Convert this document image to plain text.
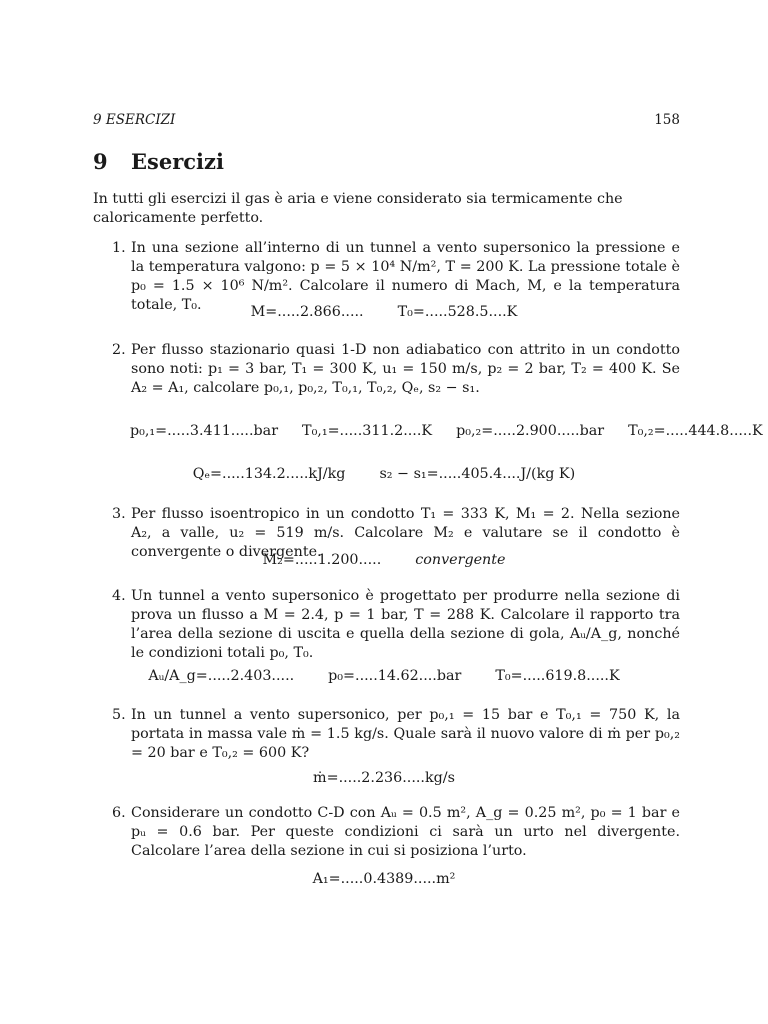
9 ESERCIZI	158
9 Esercizi
In tutti gli esercizi il gas è aria e viene considerato sia termicamente che caloricamente perfetto.
1. In una sezione all’interno di un tunnel a vento supersonico la pressione e la temperatura valgono: p = 5 × 10⁴ N/m², T = 200 K. La pressione totale è p₀ = 1.5 × 10⁶ N/m². Calcolare il numero di Mach, M, e la temperatura totale, T₀.	M=.....2.866..... T₀=.....528.5....K
2. Per flusso stazionario quasi 1-D non adiabatico con attrito in un condotto sono noti: p₁ = 3 bar, T₁ = 300 K, u₁ = 150 m/s, p₂ = 2 bar, T₂ = 400 K. Se A₂ = A₁, calcolare p₀,₁, p₀,₂, T₀,₁, T₀,₂, Qₑ, s₂ − s₁.
p₀,₁=.....3.411.....bar T₀,₁=.....311.2....K p₀,₂=.....2.900.....bar T₀,₂=.....444.8.....K
Qₑ=.....134.2.....kJ/kg s₂ − s₁=.....405.4....J/(kg K)
3. Per flusso isoentropico in un condotto T₁ = 333 K, M₁ = 2. Nella sezione A₂, a valle, u₂ = 519 m/s. Calcolare M₂ e valutare se il condotto è convergente o divergente.
M₂=.....1.200..... convergente
4. Un tunnel a vento supersonico è progettato per produrre nella sezione di prova un flusso a M = 2.4, p = 1 bar, T = 288 K. Calcolare il rapporto tra l’area della sezione di uscita e quella della sezione di gola, Aᵤ/A_g, nonché le condizioni totali p₀, T₀.
Aᵤ/A_g=.....2.403..... p₀=.....14.62....bar T₀=.....619.8.....K
5. In un tunnel a vento supersonico, per p₀,₁ = 15 bar e T₀,₁ = 750 K, la portata in massa vale ṁ = 1.5 kg/s. Quale sarà il nuovo valore di ṁ per p₀,₂ = 20 bar e T₀,₂ = 600 K?
ṁ=.....2.236.....kg/s
6. Considerare un condotto C-D con Aᵤ = 0.5 m², A_g = 0.25 m², p₀ = 1 bar e pᵤ = 0.6 bar. Per queste condizioni ci sarà un urto nel divergente. Calcolare l’area della sezione in cui si posiziona l’urto.
A₁=.....0.4389.....m²
